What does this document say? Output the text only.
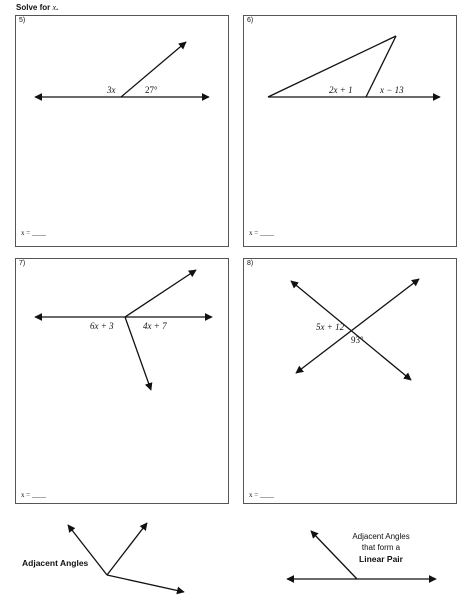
Solve for x.
5)
3x	27°
x = ____
6)
2x + 1	x − 13
x = ____
7)
6x + 3	4x + 7
x = ____
8)
5x + 12
93°
x = ____
Adjacent Angles
Adjacent Angles
that form a
Linear Pair
